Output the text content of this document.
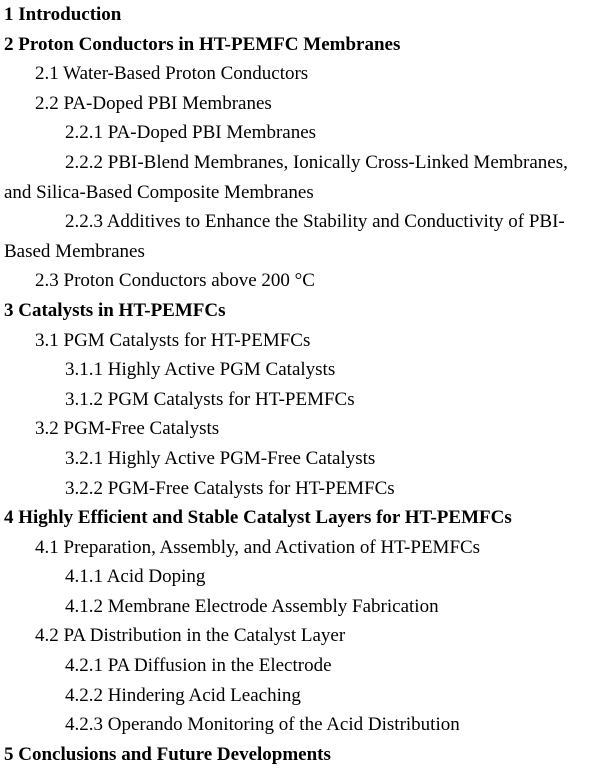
1 Introduction

2 Proton Conductors in HT-PEMFC Membranes

2.1 Water-Based Proton Conductors

2.2 PA-Doped PBI Membranes

2.2.1 PA-Doped PBI Membranes

2.2.2 PBI-Blend Membranes, Ionically Cross-Linked Membranes, and Silica-Based Composite Membranes

2.2.3 Additives to Enhance the Stability and Conductivity of PBI-Based Membranes

2.3 Proton Conductors above 200 °C

3 Catalysts in HT-PEMFCs

3.1 PGM Catalysts for HT-PEMFCs

3.1.1 Highly Active PGM Catalysts

3.1.2 PGM Catalysts for HT-PEMFCs

3.2 PGM-Free Catalysts

3.2.1 Highly Active PGM-Free Catalysts

3.2.2 PGM-Free Catalysts for HT-PEMFCs

4 Highly Efficient and Stable Catalyst Layers for HT-PEMFCs

4.1 Preparation, Assembly, and Activation of HT-PEMFCs

4.1.1 Acid Doping

4.1.2 Membrane Electrode Assembly Fabrication

4.2 PA Distribution in the Catalyst Layer

4.2.1 PA Diffusion in the Electrode

4.2.2 Hindering Acid Leaching

4.2.3 Operando Monitoring of the Acid Distribution

5 Conclusions and Future Developments
